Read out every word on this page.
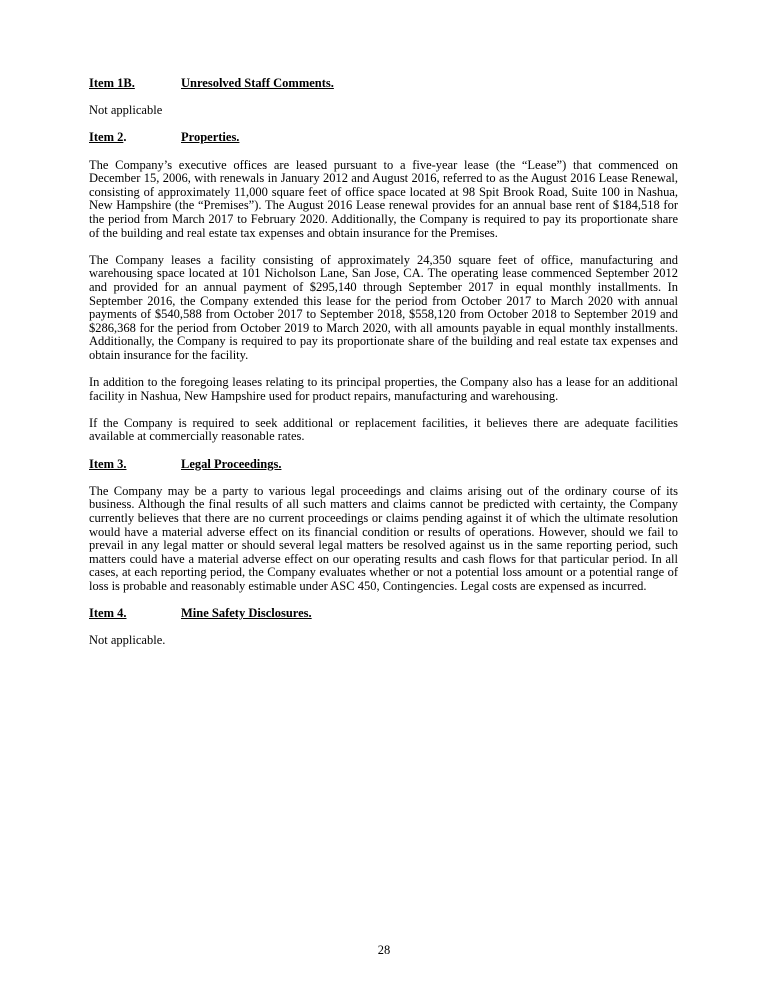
Item 1B.	Unresolved Staff Comments.
Not applicable
Item 2.	Properties.
The Company’s executive offices are leased pursuant to a five-year lease (the “Lease”) that commenced on December 15, 2006, with renewals in January 2012 and August 2016, referred to as the August 2016 Lease Renewal, consisting of approximately 11,000 square feet of office space located at 98 Spit Brook Road, Suite 100 in Nashua, New Hampshire (the “Premises”). The August 2016 Lease renewal provides for an annual base rent of $184,518 for the period from March 2017 to February 2020. Additionally, the Company is required to pay its proportionate share of the building and real estate tax expenses and obtain insurance for the Premises.
The Company leases a facility consisting of approximately 24,350 square feet of office, manufacturing and warehousing space located at 101 Nicholson Lane, San Jose, CA. The operating lease commenced September 2012 and provided for an annual payment of $295,140 through September 2017 in equal monthly installments. In September 2016, the Company extended this lease for the period from October 2017 to March 2020 with annual payments of $540,588 from October 2017 to September 2018, $558,120 from October 2018 to September 2019 and $286,368 for the period from October 2019 to March 2020, with all amounts payable in equal monthly installments. Additionally, the Company is required to pay its proportionate share of the building and real estate tax expenses and obtain insurance for the facility.
In addition to the foregoing leases relating to its principal properties, the Company also has a lease for an additional facility in Nashua, New Hampshire used for product repairs, manufacturing and warehousing.
If the Company is required to seek additional or replacement facilities, it believes there are adequate facilities available at commercially reasonable rates.
Item 3.	Legal Proceedings.
The Company may be a party to various legal proceedings and claims arising out of the ordinary course of its business. Although the final results of all such matters and claims cannot be predicted with certainty, the Company currently believes that there are no current proceedings or claims pending against it of which the ultimate resolution would have a material adverse effect on its financial condition or results of operations. However, should we fail to prevail in any legal matter or should several legal matters be resolved against us in the same reporting period, such matters could have a material adverse effect on our operating results and cash flows for that particular period. In all cases, at each reporting period, the Company evaluates whether or not a potential loss amount or a potential range of loss is probable and reasonably estimable under ASC 450, Contingencies. Legal costs are expensed as incurred.
Item 4.	Mine Safety Disclosures.
Not applicable.
28
